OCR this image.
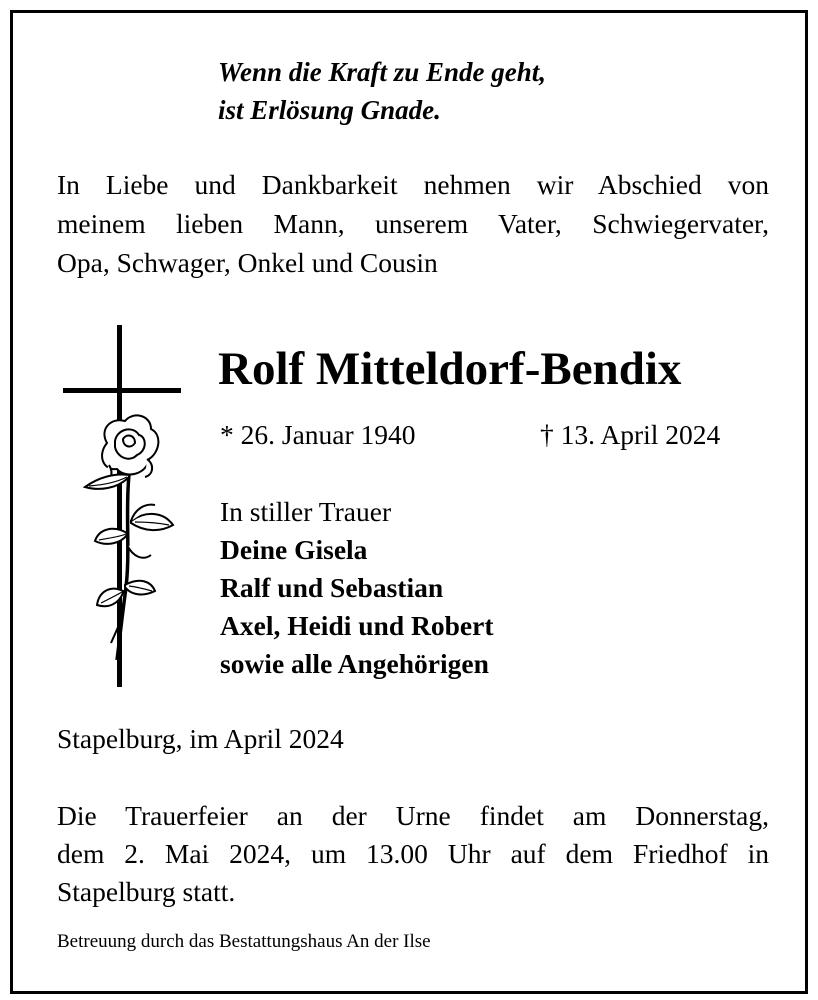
Wenn die Kraft zu Ende geht,
ist Erlösung Gnade.
In Liebe und Dankbarkeit nehmen wir Abschied von
meinem lieben Mann, unserem Vater, Schwiegervater,
Opa, Schwager, Onkel und Cousin
Rolf Mitteldorf-Bendix
* 26. Januar 1940	† 13. April 2024
In stiller Trauer
Deine Gisela
Ralf und Sebastian
Axel, Heidi und Robert
sowie alle Angehörigen
Stapelburg, im April 2024
Die Trauerfeier an der Urne findet am Donnerstag,
dem 2. Mai 2024, um 13.00 Uhr auf dem Friedhof in
Stapelburg statt.
Betreuung durch das Bestattungshaus An der Ilse
